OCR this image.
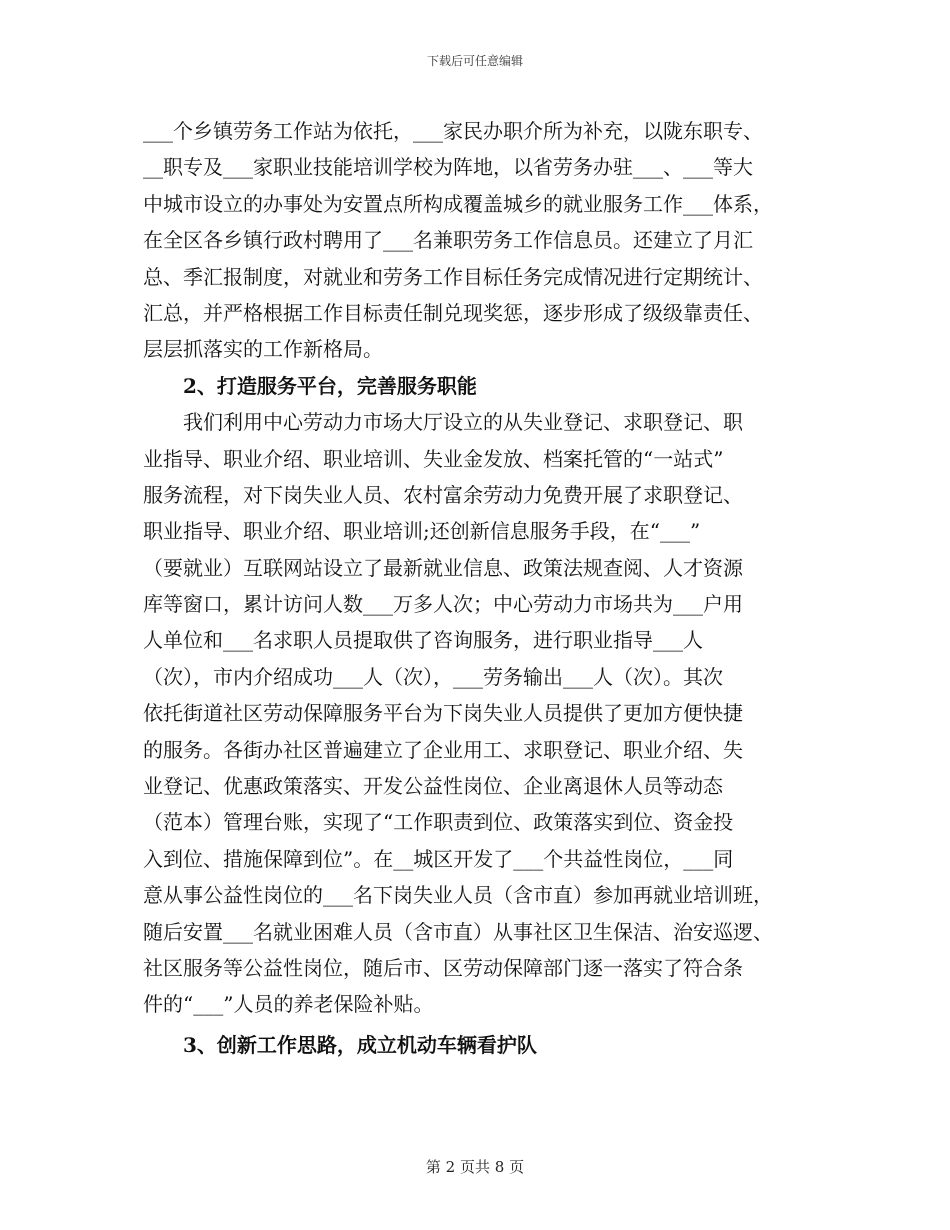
下载后可任意编辑
___个乡镇劳务工作站为依托，___家民办职介所为补充，以陇东职专、
__职专及___家职业技能培训学校为阵地，以省劳务办驻___、___等大
中城市设立的办事处为安置点所构成覆盖城乡的就业服务工作___体系，
在全区各乡镇行政村聘用了___名兼职劳务工作信息员。还建立了月汇
总、季汇报制度，对就业和劳务工作目标任务完成情况进行定期统计、
汇总，并严格根据工作目标责任制兑现奖惩，逐步形成了级级靠责任、
层层抓落实的工作新格局。
2、打造服务平台，完善服务职能
我们利用中心劳动力市场大厅设立的从失业登记、求职登记、职
业指导、职业介绍、职业培训、失业金发放、档案托管的“一站式”
服务流程，对下岗失业人员、农村富余劳动力免费开展了求职登记、
职业指导、职业介绍、职业培训;还创新信息服务手段，在“___”
（要就业）互联网站设立了最新就业信息、政策法规查阅、人才资源
库等窗口，累计访问人数___万多人次；中心劳动力市场共为___户用
人单位和___名求职人员提取供了咨询服务，进行职业指导___人
（次），市内介绍成功___人（次），___劳务输出___人（次）。其次
依托街道社区劳动保障服务平台为下岗失业人员提供了更加方便快捷
的服务。各街办社区普遍建立了企业用工、求职登记、职业介绍、失
业登记、优惠政策落实、开发公益性岗位、企业离退休人员等动态
（范本）管理台账，实现了“工作职责到位、政策落实到位、资金投
入到位、措施保障到位”。在__城区开发了___个共益性岗位，___同
意从事公益性岗位的___名下岗失业人员（含市直）参加再就业培训班，
随后安置___名就业困难人员（含市直）从事社区卫生保洁、治安巡逻、
社区服务等公益性岗位，随后市、区劳动保障部门逐一落实了符合条
件的“___”人员的养老保险补贴。
3、创新工作思路，成立机动车辆看护队
第 2 页共 8 页
